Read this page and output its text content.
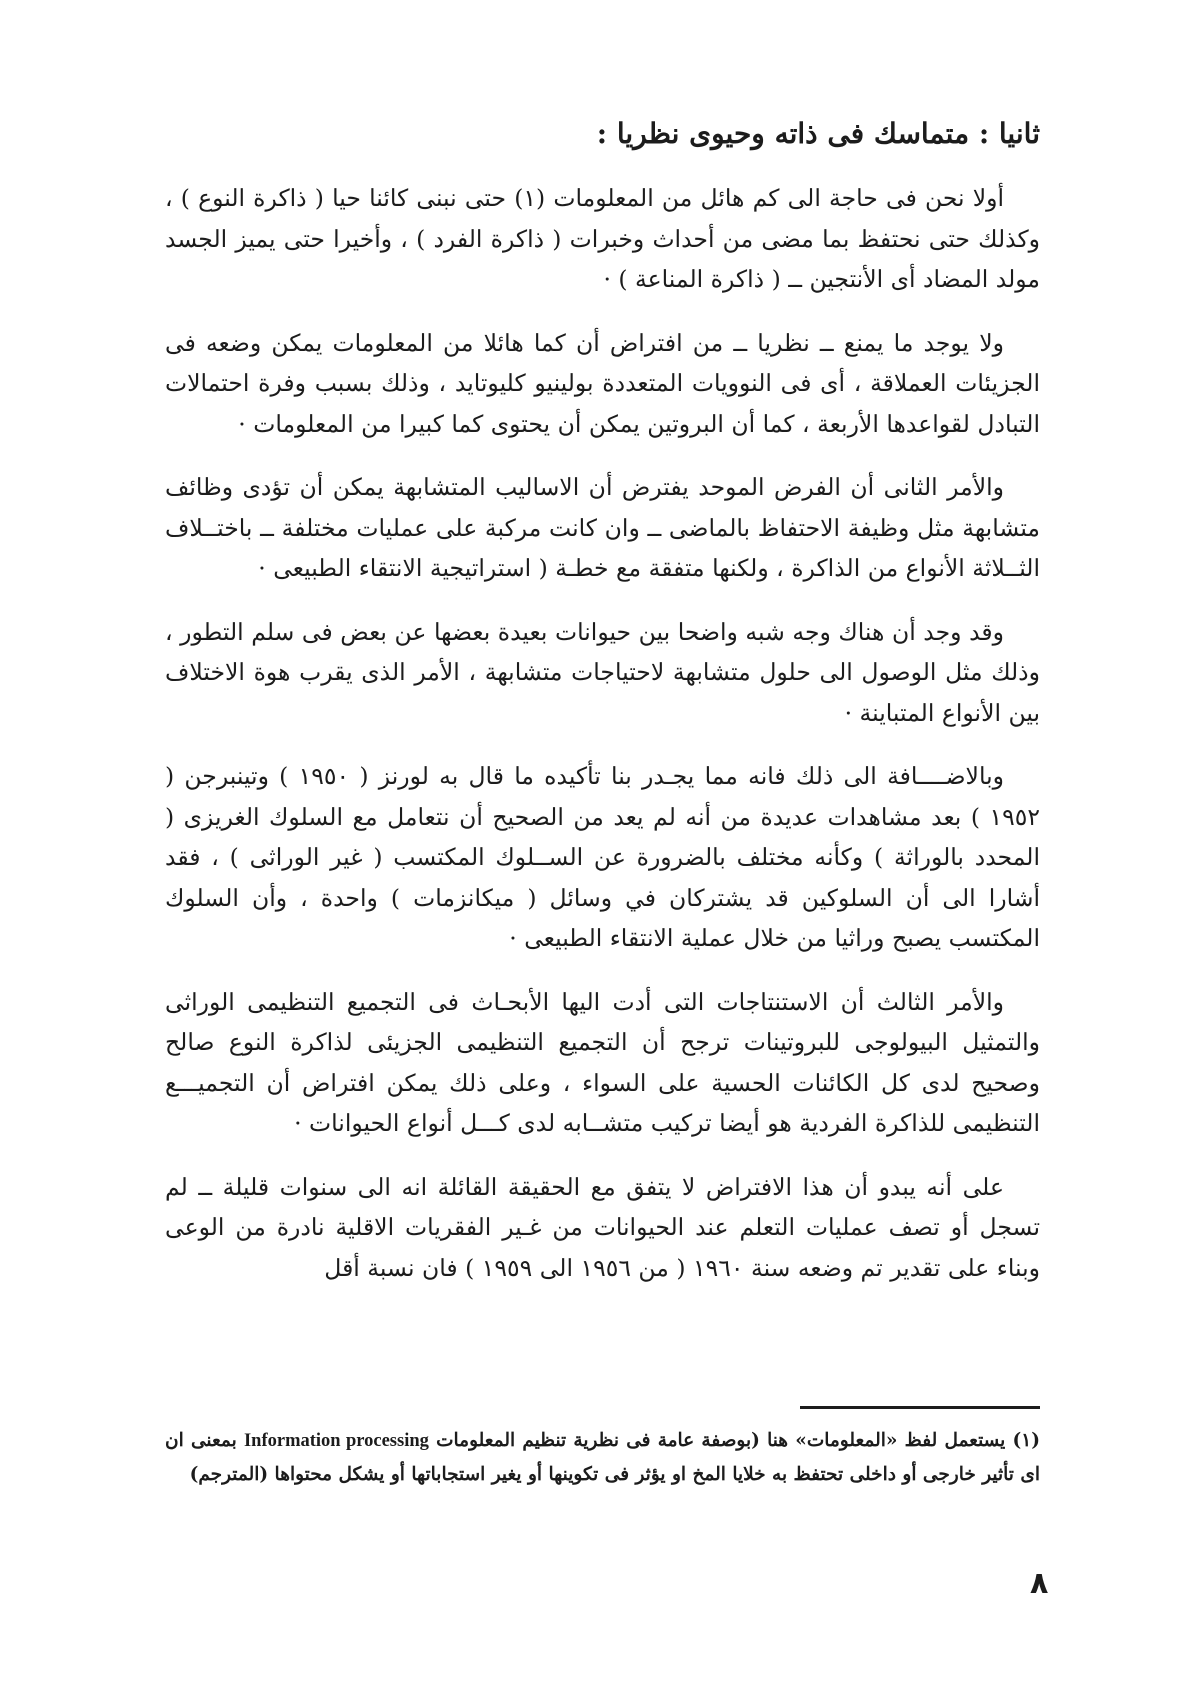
ثانيا : متماسك فى ذاته وحيوى نظريا :

أولا نحن فى حاجة الى كم هائل من المعلومات (١) حتى نبنى كائنا حيا ( ذاكرة النوع ) ، وكذلك حتى نحتفظ بما مضى من أحداث وخبرات ( ذاكرة الفرد ) ، وأخيرا حتى يميز الجسد مولد المضاد أى الأنتجين ــ ( ذاكرة المناعة ) ·

ولا يوجد ما يمنع ــ نظريا ــ من افتراض أن كما هائلا من المعلومات يمكن وضعه فى الجزيئات العملاقة ، أى فى النوويات المتعددة بولينيو كليوتايد ، وذلك بسبب وفرة احتمالات التبادل لقواعدها الأربعة ، كما أن البروتين يمكن أن يحتوى كما كبيرا من المعلومات ·

والأمر الثانى أن الفرض الموحد يفترض أن الاساليب المتشابهة يمكن أن تؤدى وظائف متشابهة مثل وظيفة الاحتفاظ بالماضى ــ وان كانت مركبة على عمليات مختلفة ــ باختــلاف الثــلاثة الأنواع من الذاكرة ، ولكنها متفقة مع خطـة ( استراتيجية الانتقاء الطبيعى ·

وقد وجد أن هناك وجه شبه واضحا بين حيوانات بعيدة بعضها عن بعض فى سلم التطور ، وذلك مثل الوصول الى حلول متشابهة لاحتياجات متشابهة ، الأمر الذى يقرب هوة الاختلاف بين الأنواع المتباينة ·

وبالاضــــافة الى ذلك فانه مما يجـدر بنا تأكيده ما قال به لورنز ( ١٩٥٠ ) وتينبرجن ( ١٩٥٢ ) بعد مشاهدات عديدة من أنه لم يعد من الصحيح أن نتعامل مع السلوك الغريزى ( المحدد بالوراثة ) وكأنه مختلف بالضرورة عن الســلوك المكتسب ( غير الوراثى ) ، فقد أشارا الى أن السلوكين قد يشتركان في وسائل ( ميكانزمات ) واحدة ، وأن السلوك المكتسب يصبح وراثيا من خلال عملية الانتقاء الطبيعى ·

والأمر الثالث أن الاستنتاجات التى أدت اليها الأبحـاث فى التجميع التنظيمى الوراثى والتمثيل البيولوجى للبروتينات ترجح أن التجميع التنظيمى الجزيئى لذاكرة النوع صالح وصحيح لدى كل الكائنات الحسية على السواء ، وعلى ذلك يمكن افتراض أن التجميـــع التنظيمى للذاكرة الفردية هو أيضا تركيب متشــابه لدى كـــل أنواع الحيوانات ·

على أنه يبدو أن هذا الافتراض لا يتفق مع الحقيقة القائلة انه الى سنوات قليلة ــ لم تسجل أو تصف عمليات التعلم عند الحيوانات من غـير الفقريات الاقلية نادرة من الوعى وبناء على تقدير تم وضعه سنة ١٩٦٠ ( من ١٩٥٦ الى ١٩٥٩ ) فان نسبة أقل

(١) يستعمل لفظ «المعلومات» هنا (بوصفة عامة فى نظرية تنظيم المعلومات Information processing بمعنى ان اى تأثير خارجى أو داخلى تحتفظ به خلايا المخ او يؤثر فى تكوينها أو يغير استجاباتها أو يشكل محتواها (المترجم)
٨
